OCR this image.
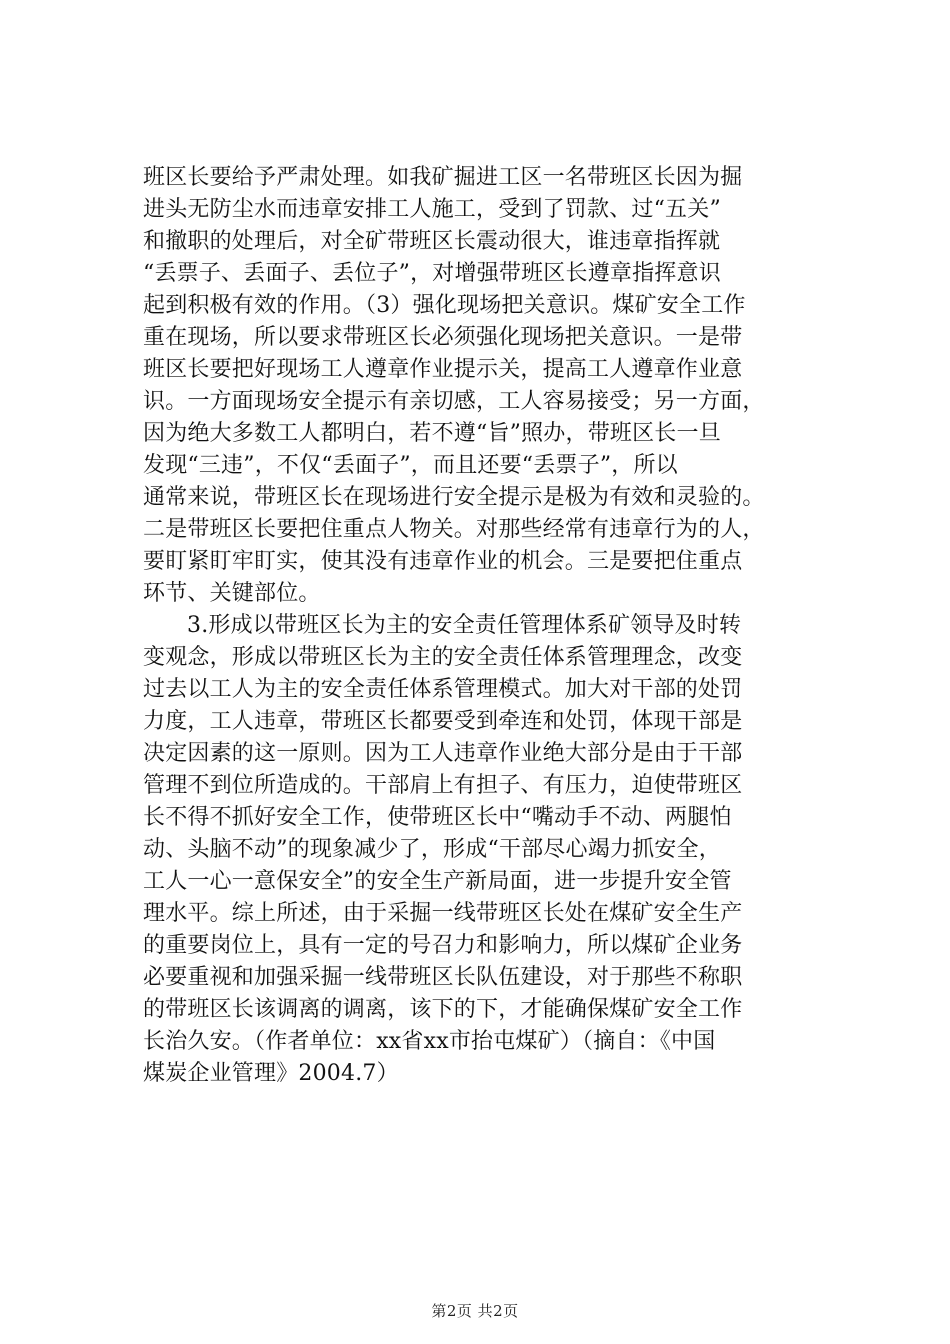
班区长要给予严肃处理。如我矿掘进工区一名带班区长因为掘
进头无防尘水而违章安排工人施工，受到了罚款、过“五关”
和撤职的处理后，对全矿带班区长震动很大，谁违章指挥就
“丢票子、丢面子、丢位子”，对增强带班区长遵章指挥意识
起到积极有效的作用。（3）强化现场把关意识。煤矿安全工作
重在现场，所以要求带班区长必须强化现场把关意识。一是带
班区长要把好现场工人遵章作业提示关，提高工人遵章作业意
识。一方面现场安全提示有亲切感，工人容易接受；另一方面，
因为绝大多数工人都明白，若不遵“旨”照办，带班区长一旦
发现“三违”，不仅“丢面子”，而且还要“丢票子”，所以
通常来说，带班区长在现场进行安全提示是极为有效和灵验的。
二是带班区长要把住重点人物关。对那些经常有违章行为的人，
要盯紧盯牢盯实，使其没有违章作业的机会。三是要把住重点
环节、关键部位。
3.形成以带班区长为主的安全责任管理体系矿领导及时转
变观念，形成以带班区长为主的安全责任体系管理理念，改变
过去以工人为主的安全责任体系管理模式。加大对干部的处罚
力度，工人违章，带班区长都要受到牵连和处罚，体现干部是
决定因素的这一原则。因为工人违章作业绝大部分是由于干部
管理不到位所造成的。干部肩上有担子、有压力，迫使带班区
长不得不抓好安全工作，使带班区长中“嘴动手不动、两腿怕
动、头脑不动”的现象减少了，形成“干部尽心竭力抓安全，
工人一心一意保安全”的安全生产新局面，进一步提升安全管
理水平。综上所述，由于采掘一线带班区长处在煤矿安全生产
的重要岗位上，具有一定的号召力和影响力，所以煤矿企业务
必要重视和加强采掘一线带班区长队伍建设，对于那些不称职
的带班区长该调离的调离，该下的下，才能确保煤矿安全工作
长治久安。（作者单位：xx省xx市抬屯煤矿）（摘自：《中国
煤炭企业管理》2004.7）
第2页 共2页
